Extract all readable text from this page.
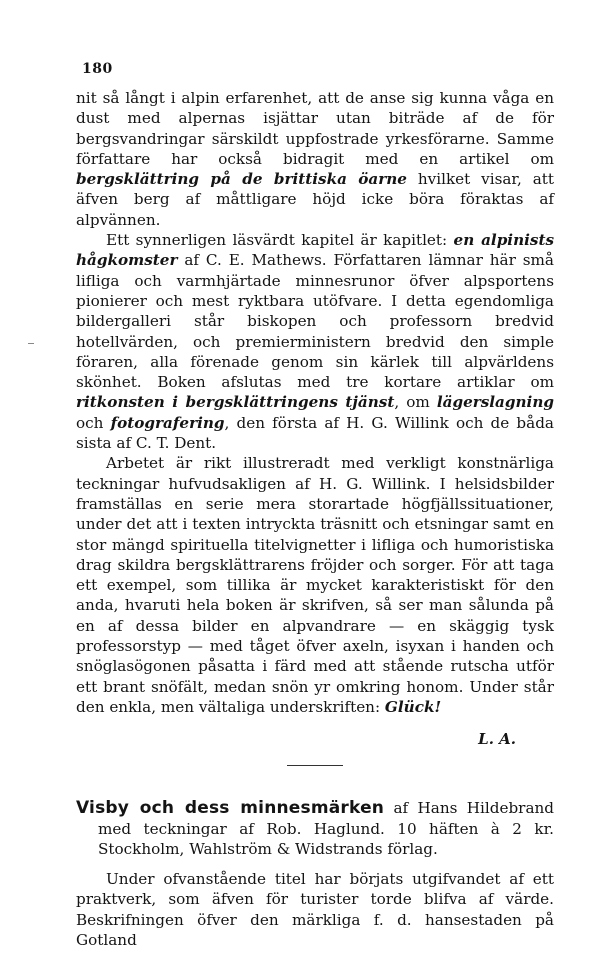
180

nit så långt i alpin erfarenhet, att de anse sig kunna våga en dust med alpernas isjättar utan biträde af de för bergsvandringar särskildt uppfostrade yrkesförarne. Samme författare har också bidragit med en artikel om bergsklättring på de brittiska öarne hvilket visar, att äfven berg af måttligare höjd icke böra föraktas af alpvännen.

Ett synnerligen läsvärdt kapitel är kapitlet: en alpinists hågkomster af C. E. Mathews. Författaren lämnar här små lifliga och varmhjärtade minnesrunor öfver alpsportens pionierer och mest ryktbara utöfvare. I detta egendomliga bildergalleri står biskopen och professorn bredvid hotellvärden, och premierministern bredvid den simple föraren, alla förenade genom sin kärlek till alpvärldens skönhet. Boken afslutas med tre kortare artiklar om ritkonsten i bergsklättringens tjänst, om lägerslagning och fotografering, den första af H. G. Willink och de båda sista af C. T. Dent.

Arbetet är rikt illustreradt med verkligt konstnärliga teckningar hufvudsakligen af H. G. Willink. I helsidsbilder framställas en serie mera storartade högfjällssituationer, under det att i texten intryckta träsnitt och etsningar samt en stor mängd spirituella titelvignetter i lifliga och humoristiska drag skildra bergsklättrarens fröjder och sorger. För att taga ett exempel, som tillika är mycket karakteristiskt för den anda, hvaruti hela boken är skrifven, så ser man sålunda på en af dessa bilder en alpvandrare — en skäggig tysk professorstyp — med tåget öfver axeln, isyxan i handen och snöglasögonen påsatta i färd med att stående rutscha utför ett brant snöfält, medan snön yr omkring honom. Under står den enkla, men vältaliga underskriften: Glück!

L. A.

Visby och dess minnesmärken af Hans Hildebrand med teckningar af Rob. Haglund. 10 häften à 2 kr. Stockholm, Wahlström & Widstrands förlag.

Under ofvanstående titel har börjats utgifvandet af ett praktverk, som äfven för turister torde blifva af värde. Beskrifningen öfver den märkliga f. d. hansestaden på Gotland
